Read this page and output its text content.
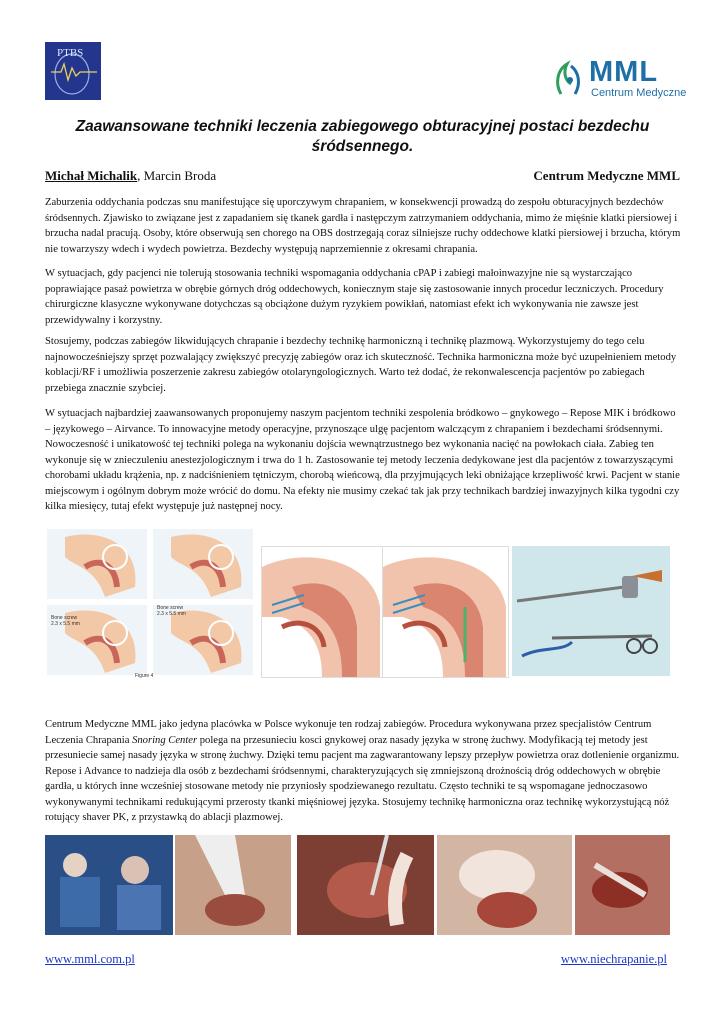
PTBS
MML
Centrum Medyczne
Zaawansowane techniki leczenia zabiegowego obturacyjnej postaci bezdechu śródsennego.
Michał Michalik, Marcin Broda	Centrum Medyczne MML
Zaburzenia oddychania podczas snu manifestujące się uporczywym chrapaniem, w konsekwencji prowadzą do zespołu obturacyjnych bezdechów śródsennych. Zjawisko to związane jest z zapadaniem się tkanek gardła i następczym zatrzymaniem oddychania, mimo że mięśnie klatki piersiowej i brzucha nadal pracują. Osoby, które obserwują sen chorego na OBS dostrzegają coraz silniejsze ruchy oddechowe klatki piersiowej i brzucha, którym nie towarzyszy wdech i wydech powietrza. Bezdechy występują naprzemiennie z okresami chrapania.
W sytuacjach, gdy pacjenci nie tolerują stosowania techniki wspomagania oddychania cPAP i zabiegi małoinwazyjne nie są wystarczająco poprawiające pasaż powietrza w obrębie górnych dróg oddechowych, koniecznym staje się zastosowanie innych procedur leczniczych. Procedury chirurgiczne klasyczne wykonywane dotychczas są obciążone dużym ryzykiem powikłań, natomiast efekt ich wykonywania nie zawsze jest przewidywalny i korzystny.
Stosujemy, podczas zabiegów likwidujących chrapanie i bezdechy technikę harmoniczną i technikę plazmową. Wykorzystujemy do tego celu najnowocześniejszy sprzęt pozwalający zwiększyć precyzję zabiegów oraz ich skuteczność. Technika harmoniczna może być uzupełnieniem metody koblacji/RF i umożliwia poszerzenie zakresu zabiegów otolaryngologicznych. Warto też dodać, że rekonwalescencja pacjentów po zabiegach przebiega znacznie szybciej.
W sytuacjach najbardziej zaawansowanych proponujemy naszym pacjentom techniki zespolenia bródkowo – gnykowego – Repose MIK i bródkowo – językowego – Airvance. To innowacyjne metody operacyjne, przynoszące ulgę pacjentom walczącym z chrapaniem i bezdechami śródsennymi. Nowoczesność i unikatowość tej techniki polega na wykonaniu dojścia wewnątrzustnego bez wykonania nacięć na powłokach ciała. Zabieg ten wykonuje się w znieczuleniu anestezjologicznym i trwa do 1 h. Zastosowanie tej metody leczenia dedykowane jest dla pacjentów z towarzyszącymi chorobami układu krążenia, np. z nadciśnieniem tętniczym, chorobą wieńcową, dla przyjmujących leki obniżające krzepliwość krwi. Pacjent w stanie miejscowym i ogólnym dobrym może wrócić do domu. Na efekty nie musimy czekać tak jak przy technikach bardziej inwazyjnych kilka tygodni czy kilka miesięcy, tutaj efekt występuje już następnej nocy.
Bone screw
2.3 x 5.5 mm
Bone screw
2.3 x 5.5 mm
Figure 4
Centrum Medyczne MML jako jedyna placówka w Polsce wykonuje ten rodzaj zabiegów. Procedura wykonywana przez specjalistów Centrum Leczenia Chrapania Snoring Center polega na przesunieciu kosci gnykowej oraz nasady języka w stronę żuchwy. Modyfikacją tej metody jest przesuniecie samej nasady języka w stronę żuchwy. Dzięki temu pacjent ma zagwarantowany lepszy przepływ powietrza oraz dotlenienie organizmu. Repose i Advance to nadzieja dla osób z bezdechami śródsennymi, charakteryzujących się zmniejszoną drożnością dróg oddechowych w obrębie gardła, u których inne wcześniej stosowane metody nie przyniosły spodziewanego rezultatu. Często techniki te są wspomagane jednoczasowo wykonywanymi technikami redukującymi przerosty tkanki mięśniowej języka. Stosujemy technikę harmoniczna oraz technikę wykorzystującą nóż rotujący shaver PK, z przystawką do ablacji plazmowej.
www.mml.com.pl	www.niechrapanie.pl
